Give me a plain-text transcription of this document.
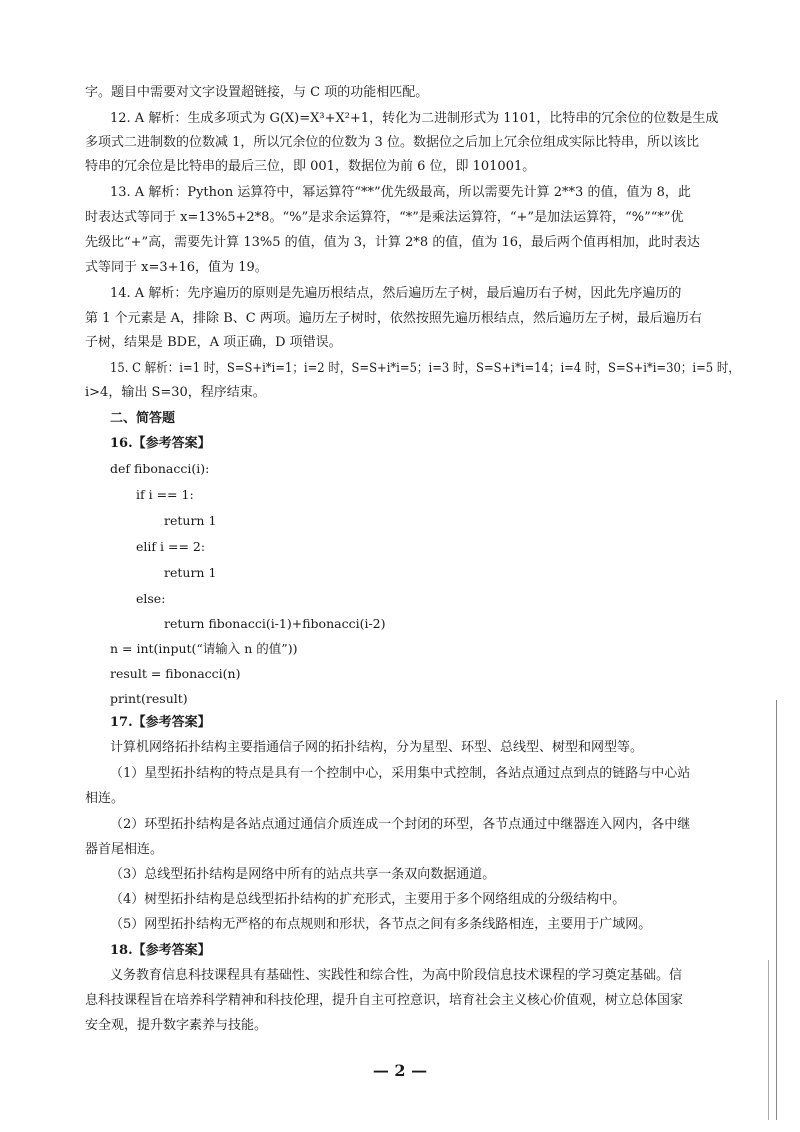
字。题目中需要对文字设置超链接，与 C 项的功能相匹配。
12. A 解析：生成多项式为 G(X)=X³+X²+1，转化为二进制形式为 1101，比特串的冗余位的位数是生成
多项式二进制数的位数减 1，所以冗余位的位数为 3 位。数据位之后加上冗余位组成实际比特串，所以该比
特串的冗余位是比特串的最后三位，即 001，数据位为前 6 位，即 101001。
13. A 解析：Python 运算符中，幂运算符“**”优先级最高，所以需要先计算 2**3 的值，值为 8，此
时表达式等同于 x=13%5+2*8。“%”是求余运算符，“*”是乘法运算符，“+”是加法运算符，“%”“*”优
先级比“+”高，需要先计算 13%5 的值，值为 3，计算 2*8 的值，值为 16，最后两个值再相加，此时表达
式等同于 x=3+16，值为 19。
14. A 解析：先序遍历的原则是先遍历根结点，然后遍历左子树，最后遍历右子树，因此先序遍历的
第 1 个元素是 A，排除 B、C 两项。遍历左子树时，依然按照先遍历根结点，然后遍历左子树，最后遍历右
子树，结果是 BDE，A 项正确，D 项错误。
15. C 解析：i=1 时，S=S+i*i=1；i=2 时，S=S+i*i=5；i=3 时，S=S+i*i=14；i=4 时，S=S+i*i=30；i=5 时，
i>4，输出 S=30，程序结束。
二、简答题
16.【参考答案】
def fibonacci(i):
if i == 1:
return 1
elif i == 2:
return 1
else:
return fibonacci(i-1)+fibonacci(i-2)
n = int(input(“请输入 n 的值”))
result = fibonacci(n)
print(result)
17.【参考答案】
计算机网络拓扑结构主要指通信子网的拓扑结构，分为星型、环型、总线型、树型和网型等。
（1）星型拓扑结构的特点是具有一个控制中心，采用集中式控制，各站点通过点到点的链路与中心站
相连。
（2）环型拓扑结构是各站点通过通信介质连成一个封闭的环型，各节点通过中继器连入网内，各中继
器首尾相连。
（3）总线型拓扑结构是网络中所有的站点共享一条双向数据通道。
（4）树型拓扑结构是总线型拓扑结构的扩充形式，主要用于多个网络组成的分级结构中。
（5）网型拓扑结构无严格的布点规则和形状，各节点之间有多条线路相连，主要用于广域网。
18.【参考答案】
义务教育信息科技课程具有基础性、实践性和综合性，为高中阶段信息技术课程的学习奠定基础。信
息科技课程旨在培养科学精神和科技伦理，提升自主可控意识，培育社会主义核心价值观，树立总体国家
安全观，提升数字素养与技能。
— 2 —
